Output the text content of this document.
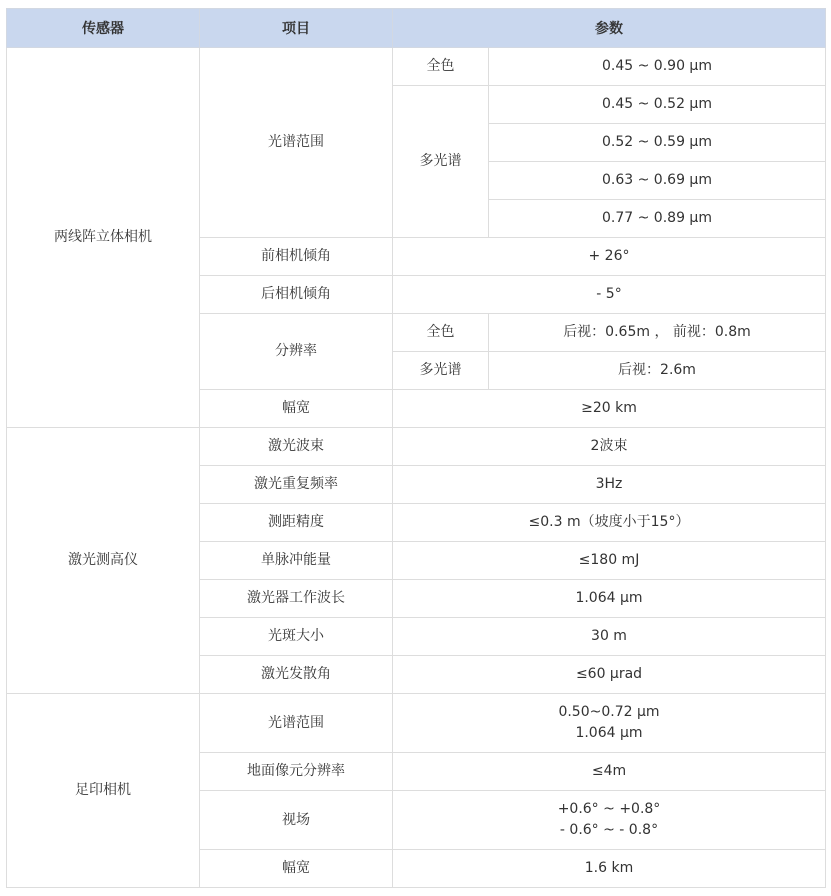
传感器	项目	参数	
两线阵立体相机	光谱范围	全色	0.45 ~ 0.90 μm
		多光谱	0.45 ~ 0.52 μm
			0.52 ~ 0.59 μm
			0.63 ~ 0.69 μm
			0.77 ~ 0.89 μm
	前相机倾角	+ 26°	
	后相机倾角	- 5°	
	分辨率	全色	后视：0.65m ， 前视：0.8m
		多光谱	后视：2.6m
	幅宽	≥20 km	
激光测高仪	激光波束	2波束	
	激光重复频率	3Hz	
	测距精度	≤0.3 m（坡度小于15°）	
	单脉冲能量	≤180 mJ	
	激光器工作波长	1.064 μm	
	光斑大小	30 m	
	激光发散角	≤60 μrad	
足印相机	光谱范围	0.50~0.72 μm
1.064 μm	

	地面像元分辨率	≤4m	
	视场	+0.6° ~ +0.8°
- 0.6° ~ - 0.8°	

	幅宽	1.6 km	
